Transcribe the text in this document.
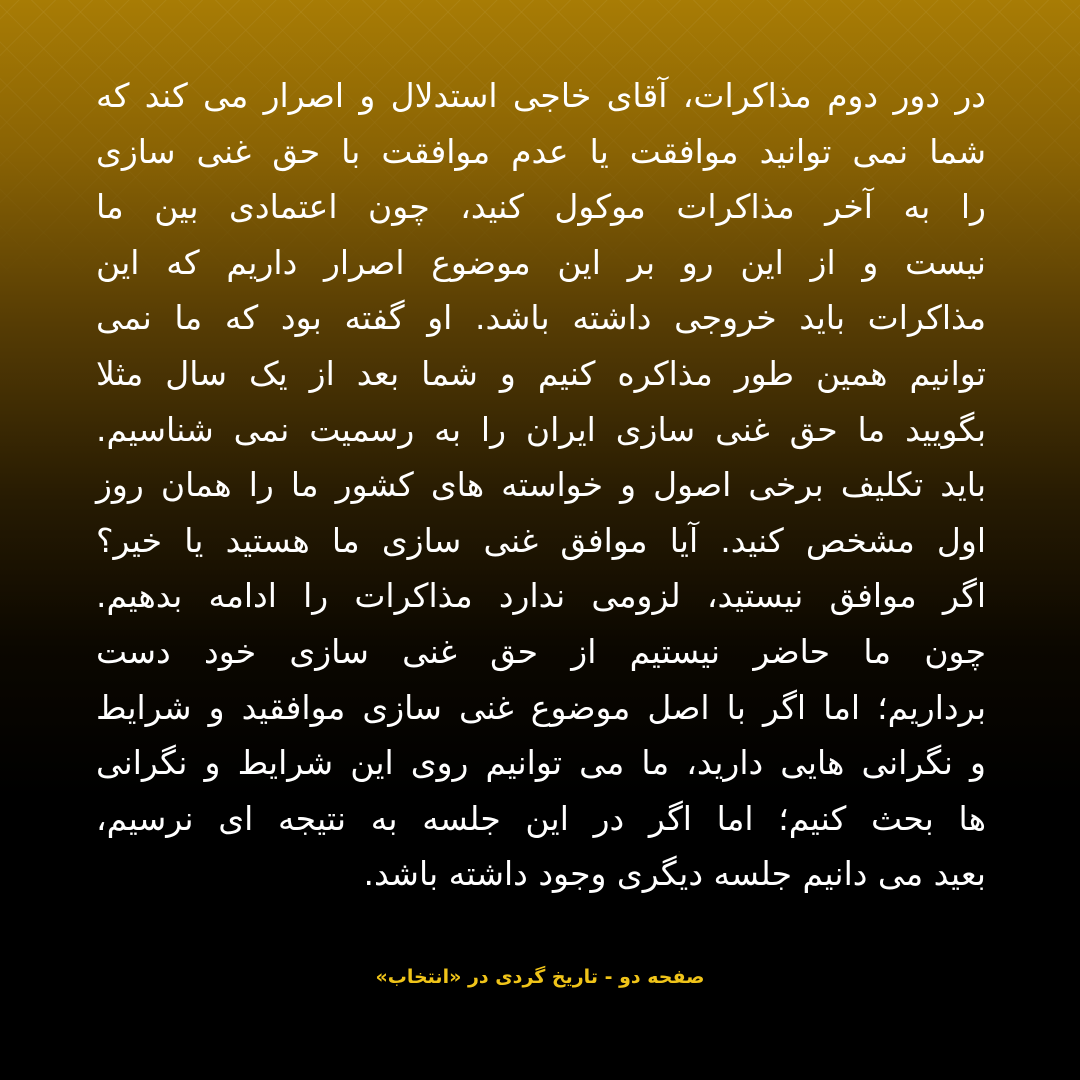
در دور دوم مذاکرات، آقای خاجی استدلال و اصرار می کند که
شما نمی توانید موافقت یا عدم موافقت با حق غنی سازی
را به آخر مذاکرات موکول کنید، چون اعتمادی بین ما
نیست و از این رو بر این موضوع اصرار داریم که این
مذاکرات باید خروجی داشته باشد. او گفته بود که ما نمی
توانیم همین طور مذاکره کنیم و شما بعد از یک سال مثلا
بگویید ما حق غنی سازی ایران را به رسمیت نمی شناسیم.
باید تکلیف برخی اصول و خواسته های کشور ما را همان روز
اول مشخص کنید. آیا موافق غنی سازی ما هستید یا خیر؟
اگر موافق نیستید، لزومی ندارد مذاکرات را ادامه بدهیم.
چون ما حاضر نیستیم از حق غنی سازی خود دست
برداریم؛ اما اگر با اصل موضوع غنی سازی موافقید و شرایط
و نگرانی هایی دارید، ما می توانیم روی این شرایط و نگرانی
ها بحث کنیم؛ اما اگر در این جلسه به نتیجه ای نرسیم،
بعید می دانیم جلسه دیگری وجود داشته باشد.
صفحه دو - تاریخ گردی در «انتخاب»
